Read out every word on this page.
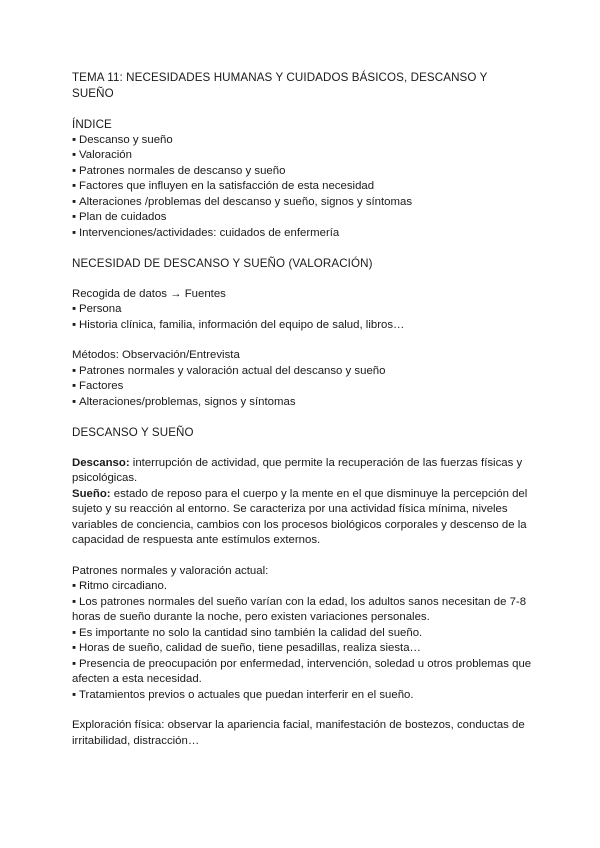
TEMA 11: NECESIDADES HUMANAS Y CUIDADOS BÁSICOS, DESCANSO Y SUEÑO

ÍNDICE

▪ Descanso y sueño
▪ Valoración
▪ Patrones normales de descanso y sueño
▪ Factores que influyen en la satisfacción de esta necesidad
▪ Alteraciones /problemas del descanso y sueño, signos y síntomas
▪ Plan de cuidados
▪ Intervenciones/actividades: cuidados de enfermería

NECESIDAD DE DESCANSO Y SUEÑO (VALORACIÓN)

Recogida de datos → Fuentes

▪ Persona
▪ Historia clínica, familia, información del equipo de salud, libros…

Métodos: Observación/Entrevista

▪ Patrones normales y valoración actual del descanso y sueño
▪ Factores
▪ Alteraciones/problemas, signos y síntomas

DESCANSO Y SUEÑO

Descanso: interrupción de actividad, que permite la recuperación de las fuerzas físicas y psicológicas.

Sueño: estado de reposo para el cuerpo y la mente en el que disminuye la percepción del sujeto y su reacción al entorno. Se caracteriza por una actividad física mínima, niveles variables de conciencia, cambios con los procesos biológicos corporales y descenso de la capacidad de respuesta ante estímulos externos.

Patrones normales y valoración actual:

▪ Ritmo circadiano.
▪ Los patrones normales del sueño varían con la edad, los adultos sanos necesitan de 7-8 horas de sueño durante la noche, pero existen variaciones personales.
▪ Es importante no solo la cantidad sino también la calidad del sueño.
▪ Horas de sueño, calidad de sueño, tiene pesadillas, realiza siesta…
▪ Presencia de preocupación por enfermedad, intervención, soledad u otros problemas que afecten a esta necesidad.
▪ Tratamientos previos o actuales que puedan interferir en el sueño.

Exploración física: observar la apariencia facial, manifestación de bostezos, conductas de irritabilidad, distracción…
